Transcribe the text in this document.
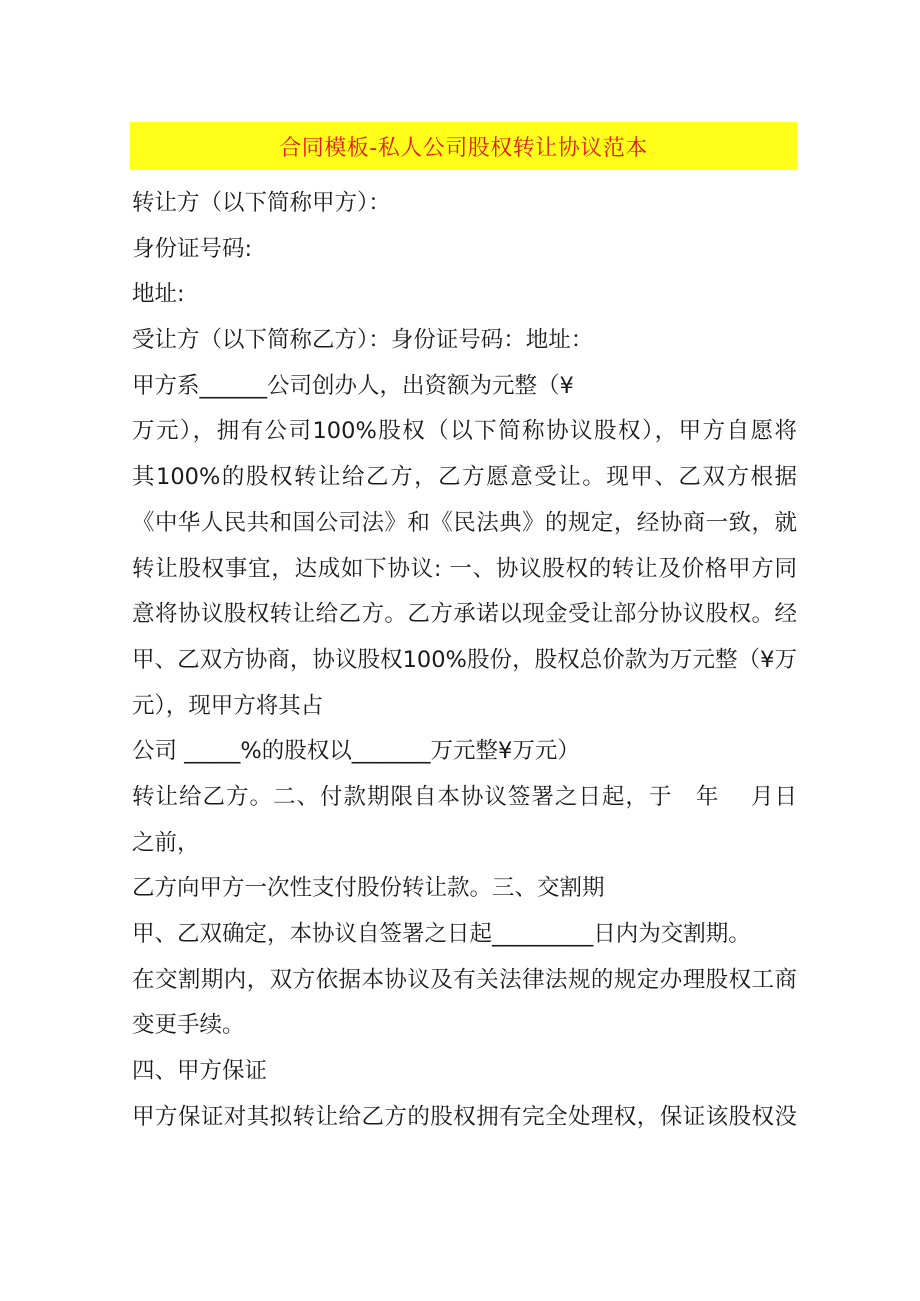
合同模板-私人公司股权转让协议范本
转让方（以下简称甲方）：
身份证号码:
地址:
受让方（以下简称乙方）：身份证号码：地址：
甲方系______公司创办人，出资额为元整（¥
万元），拥有公司100%股权（以下简称协议股权），甲方自愿将
其100%的股权转让给乙方，乙方愿意受让。现甲、乙双方根据
《中华人民共和国公司法》和《民法典》的规定，经协商一致，就
转让股权事宜，达成如下协议: 一、协议股权的转让及价格甲方同
意将协议股权转让给乙方。乙方承诺以现金受让部分协议股权。经
甲、乙双方协商，协议股权100%股份，股权总价款为万元整（¥万
元），现甲方将其占
公司 _____%的股权以_______万元整¥万元）
转让给乙方。二、付款期限自本协议签署之日起，于　年　 月日
之前，
乙方向甲方一次性支付股份转让款。三、交割期
甲、乙双确定，本协议自签署之日起_________日内为交割期。
在交割期内，双方依据本协议及有关法律法规的规定办理股权工商
变更手续。
四、甲方保证
甲方保证对其拟转让给乙方的股权拥有完全处理权，保证该股权没
